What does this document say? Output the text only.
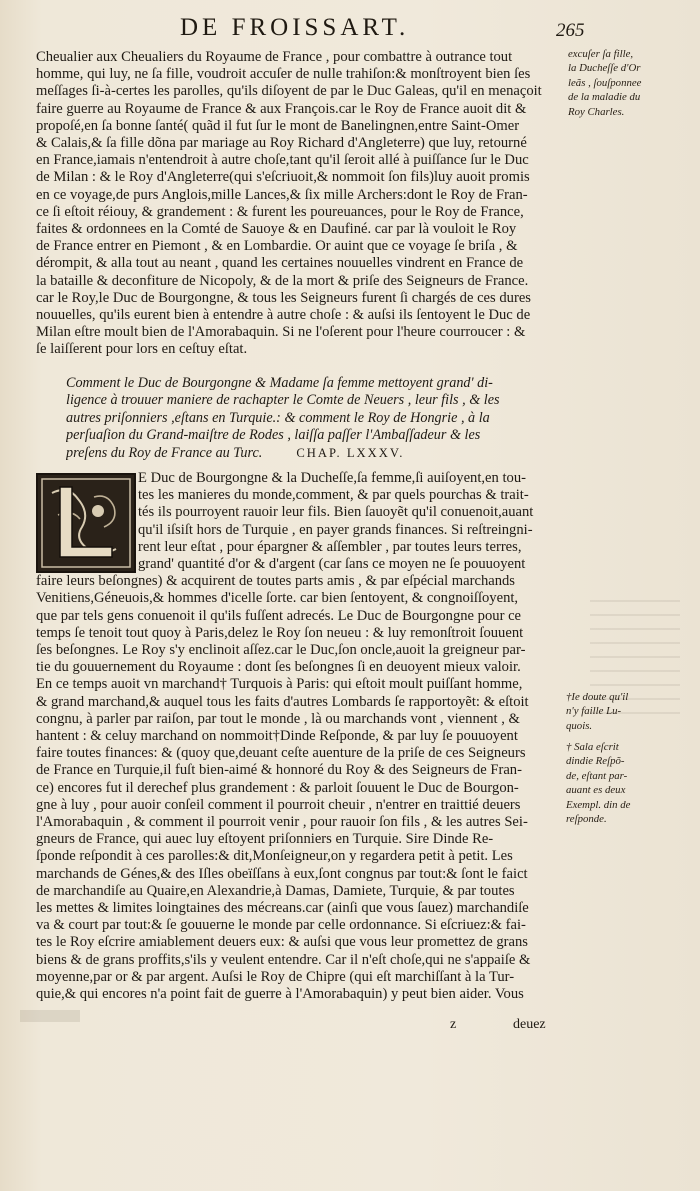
DE FROISSART.	265
Cheualier aux Cheualiers du Royaume de France , pour combattre à outrance tout
homme, qui luy, ne ſa fille, voudroit accuſer de nulle trahiſon:& monſtroyent bien ſes
meſſages ſi-à-certes les parolles, qu'ils diſoyent de par le Duc Galeas, qu'il en menaçoit
faire guerre au Royaume de France & aux François.car le Roy de France auoit dit &
propoſé,en ſa bonne ſanté( quãd il fut ſur le mont de Banelingnen,entre Saint-Omer
& Calais,& ſa fille dõna par mariage au Roy Richard d'Angleterre) que luy, retourné
en France,iamais n'entendroit à autre choſe,tant qu'il ſeroit allé à puiſſance ſur le Duc
de Milan : & le Roy d'Angleterre(qui s'eſcriuoit,& nommoit ſon fils)luy auoit promis
en ce voyage,de purs Anglois,mille Lances,& ſix mille Archers:dont le Roy de Fran-
ce ſi eſtoit réiouy, & grandement : & furent les poureuances, pour le Roy de France,
faites & ordonnees en la Comté de Sauoye & en Daufiné. car par là vouloit le Roy
de France entrer en Piemont , & en Lombardie. Or auint que ce voyage ſe briſa , &
dérompit, & alla tout au neant , quand les certaines nouuelles vindrent en France de
la bataille & deconfiture de Nicopoly, & de la mort & priſe des Seigneurs de France.
car le Roy,le Duc de Bourgongne, & tous les Seigneurs furent ſi chargés de ces dures
nouuelles, qu'ils eurent bien à entendre à autre choſe : & auſsi ils ſentoyent le Duc de
Milan eſtre moult bien de l'Amorabaquin. Si ne l'oſerent pour l'heure courroucer : &
ſe laiſſerent pour lors en ceſtuy eſtat.
excuſer ſa fille,
la Ducheſſe d'Or
leãs , ſouſponnee
de la maladie du
Roy Charles.
Comment le Duc de Bourgongne & Madame ſa femme mettoyent grand' di-
ligence à trouuer maniere de rachapter le Comte de Neuers , leur fils , & les
autres priſonniers ,eſtans en Turquie.: & comment le Roy de Hongrie , à la
perſuaſion du Grand-maiſtre de Rodes , laiſſa paſſer l'Ambaſſadeur & les
preſens du Roy de France au Turc.	CHAP. LXXXV.
E Duc de Bourgongne & la Ducheſſe,ſa femme,ſi auiſoyent,en tou-
tes les manieres du monde,comment, & par quels pourchas & trait-
tés ils pourroyent rauoir leur fils. Bien ſauoyẽt qu'il conuenoit,auant
qu'il iſsiſt hors de Turquie , en payer grands finances. Si reſtreingni-
rent leur eſtat , pour épargner & aſſembler , par toutes leurs terres,
grand' quantité d'or & d'argent (car ſans ce moyen ne ſe pouuoyent
faire leurs beſongnes) & acquirent de toutes parts amis , & par eſpécial marchands
Venitiens,Géneuois,& hommes d'icelle ſorte. car bien ſentoyent, & congnoiſſoyent,
que par tels gens conuenoit il qu'ils fuſſent adrecés. Le Duc de Bourgongne pour ce
temps ſe tenoit tout quoy à Paris,delez le Roy ſon neueu : & luy remonſtroit ſouuent
ſes beſongnes. Le Roy s'y enclinoit aſſez.car le Duc,ſon oncle,auoit la greigneur par-
tie du gouuernement du Royaume : dont ſes beſongnes ſi en deuoyent mieux valoir.
En ce temps auoit vn marchand† Turquois à Paris: qui eſtoit moult puiſſant homme,
& grand marchand,& auquel tous les faits d'autres Lombards ſe rapportoyẽt: & eſtoit
congnu, à parler par raiſon, par tout le monde , là ou marchands vont , viennent , &
hantent : & celuy marchand on nommoit†Dinde Reſponde, & par luy ſe pouuoyent
faire toutes finances: & (quoy que,deuant ceſte auenture de la priſe de ces Seigneurs
de France en Turquie,il fuſt bien-aimé & honnoré du Roy & des Seigneurs de Fran-
ce) encores fut il derechef plus grandement : & parloit ſouuent le Duc de Bourgon-
gne à luy , pour auoir conſeil comment il pourroit cheuir , n'entrer en traittié deuers
l'Amorabaquin , & comment il pourroit venir , pour rauoir ſon fils , & les autres Sei-
gneurs de France, qui auec luy eſtoyent priſonniers en Turquie. Sire Dinde Re-
ſponde reſpondit à ces parolles:& dit,Monſeigneur,on y regardera petit à petit. Les
marchands de Génes,& des Iſles obeïſſans à eux,ſont congnus par tout:& ſont le faict
de marchandiſe au Quaire,en Alexandrie,à Damas, Damiete, Turquie, & par toutes
les mettes & limites loingtaines des mécreans.car (ainſi que vous ſauez) marchandiſe
va & court par tout:& ſe gouuerne le monde par celle ordonnance. Si eſcriuez:& fai-
tes le Roy eſcrire amiablement deuers eux: & auſsi que vous leur promettez de grans
biens & de grans proffits,s'ils y veulent entendre. Car il n'eſt choſe,qui ne s'appaiſe &
moyenne,par or & par argent. Auſsi le Roy de Chipre (qui eſt marchiſſant à la Tur-
quie,& qui encores n'a point fait de guerre à l'Amorabaquin) y peut bien aider. Vous
†Ie doute qu'il
n'y faille Lu-
quois.
† Sala eſcrit
dindie Reſpõ-
de, eſtant par-
auant es deux
Exempl. din de
reſponde.
z	deuez
